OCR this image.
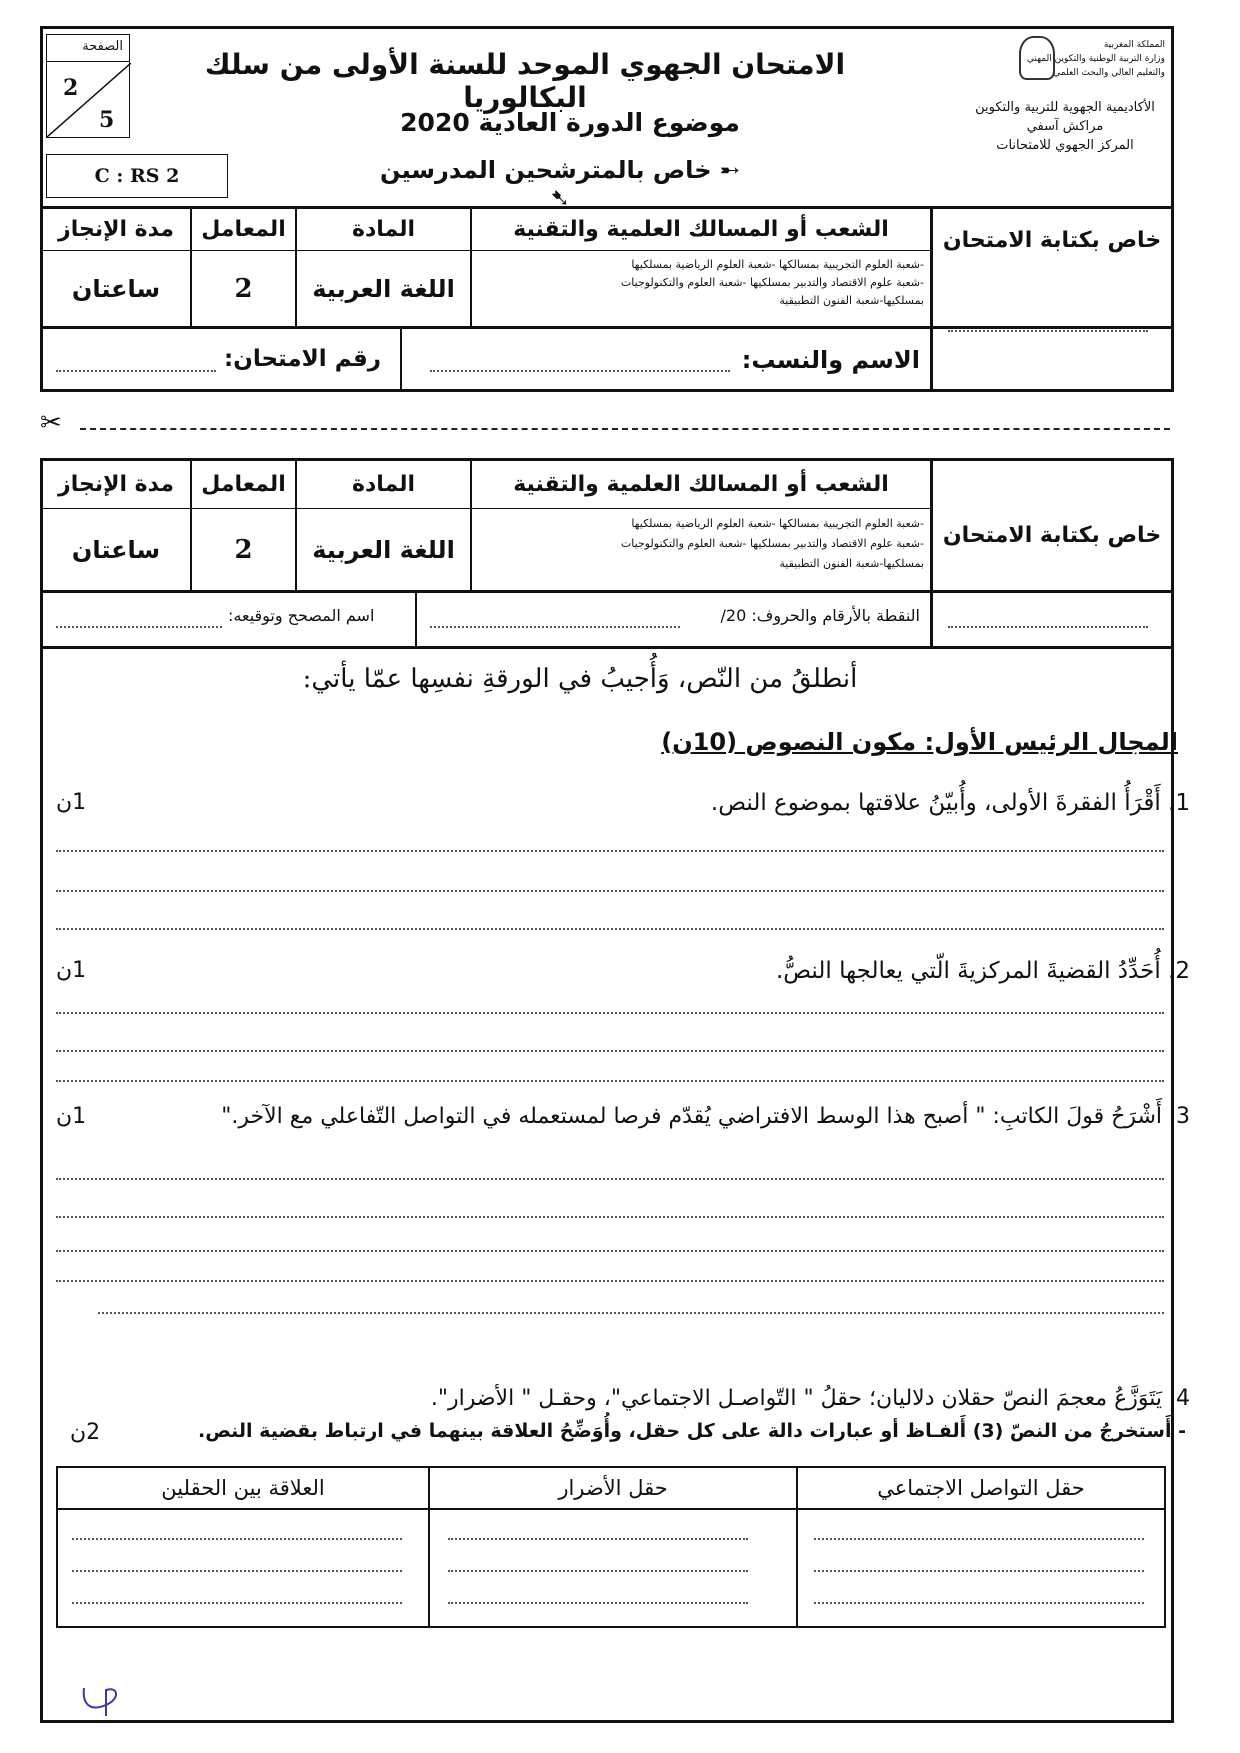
الصفحة
2
5
C : RS 2
الامتحان الجهوي الموحد للسنة الأولى من سلك البكالوريا
موضوع الدورة العادية 2020
➸ خاص بالمترشحين المدرسين ➷
المملكة المغربية
وزارة التربية الوطنية والتكوين المهني
والتعليم العالي والبحث العلمي
الأكاديمية الجهوية للتربية والتكوين
مراكش آسفي
المركز الجهوي للامتحانات
خاص بكتابة الامتحان
الشعب أو المسالك العلمية والتقنية
المادة
المعامل
مدة الإنجاز
-شعبة العلوم التجريبية بمسالكها -شعبة العلوم الرياضية بمسلكيها
-شعبة علوم الاقتصاد والتدبير بمسلكيها -شعبة العلوم والتكنولوجيات
بمسلكيها-شعبة الفنون التطبيقية
اللغة العربية
2
ساعتان
الاسم والنسب:
رقم الامتحان:
✂
خاص بكتابة الامتحان
الشعب أو المسالك العلمية والتقنية
المادة
المعامل
مدة الإنجاز
-شعبة العلوم التجريبية بمسالكها -شعبة العلوم الرياضية بمسلكيها
-شعبة علوم الاقتصاد والتدبير بمسلكيها -شعبة العلوم والتكنولوجيات
بمسلكيها-شعبة الفنون التطبيقية
اللغة العربية
2
ساعتان
النقطة بالأرقام والحروف: 20/
اسم المصحح وتوقيعه:
أنطلقُ من النّص، وَأُجيبُ في الورقةِ نفسِها عمّا يأتي:
المجال الرئيس الأول: مكون النصوص (10ن)
1. أَقْرَأُ الفقرةَ الأولى، وأُبيّنُ علاقتها بموضوع النص.
1ن
2. أُحَدِّدُ القضيةَ المركزيةَ الّتي يعالجها النصُّ.
1ن
3. أَشْرَحُ قولَ الكاتبِ: " أصبح هذا الوسط الافتراضي يُقدّم فرصا لمستعمله في التواصل التّفاعلي مع الآخر."
1ن
4. يَتَوَزَّعُ معجمَ النصّ حقلان دلاليان؛ حقلُ " التّواصـل الاجتماعي"، وحقـل " الأضرار".
- أَستخرجُ من النصّ (3) أَلفـاظ أو عبارات دالة على كل حقل، وأُوَضِّحُ العلاقة بينهما في ارتباط بقضية النص.
2ن
حقل التواصل الاجتماعي
حقل الأضرار
العلاقة بين الحقلين
